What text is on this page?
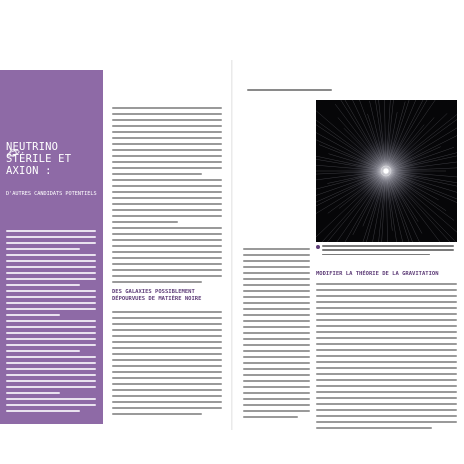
NEUTRINO STÉRILE ET AXION :
D'AUTRES CANDIDATS POTENTIELS
DES GALAXIES POSSIBLEMENT DÉPOURVUES DE MATIÈRE NOIRE
MODIFIER LA THÉORIE DE LA GRAVITATION
